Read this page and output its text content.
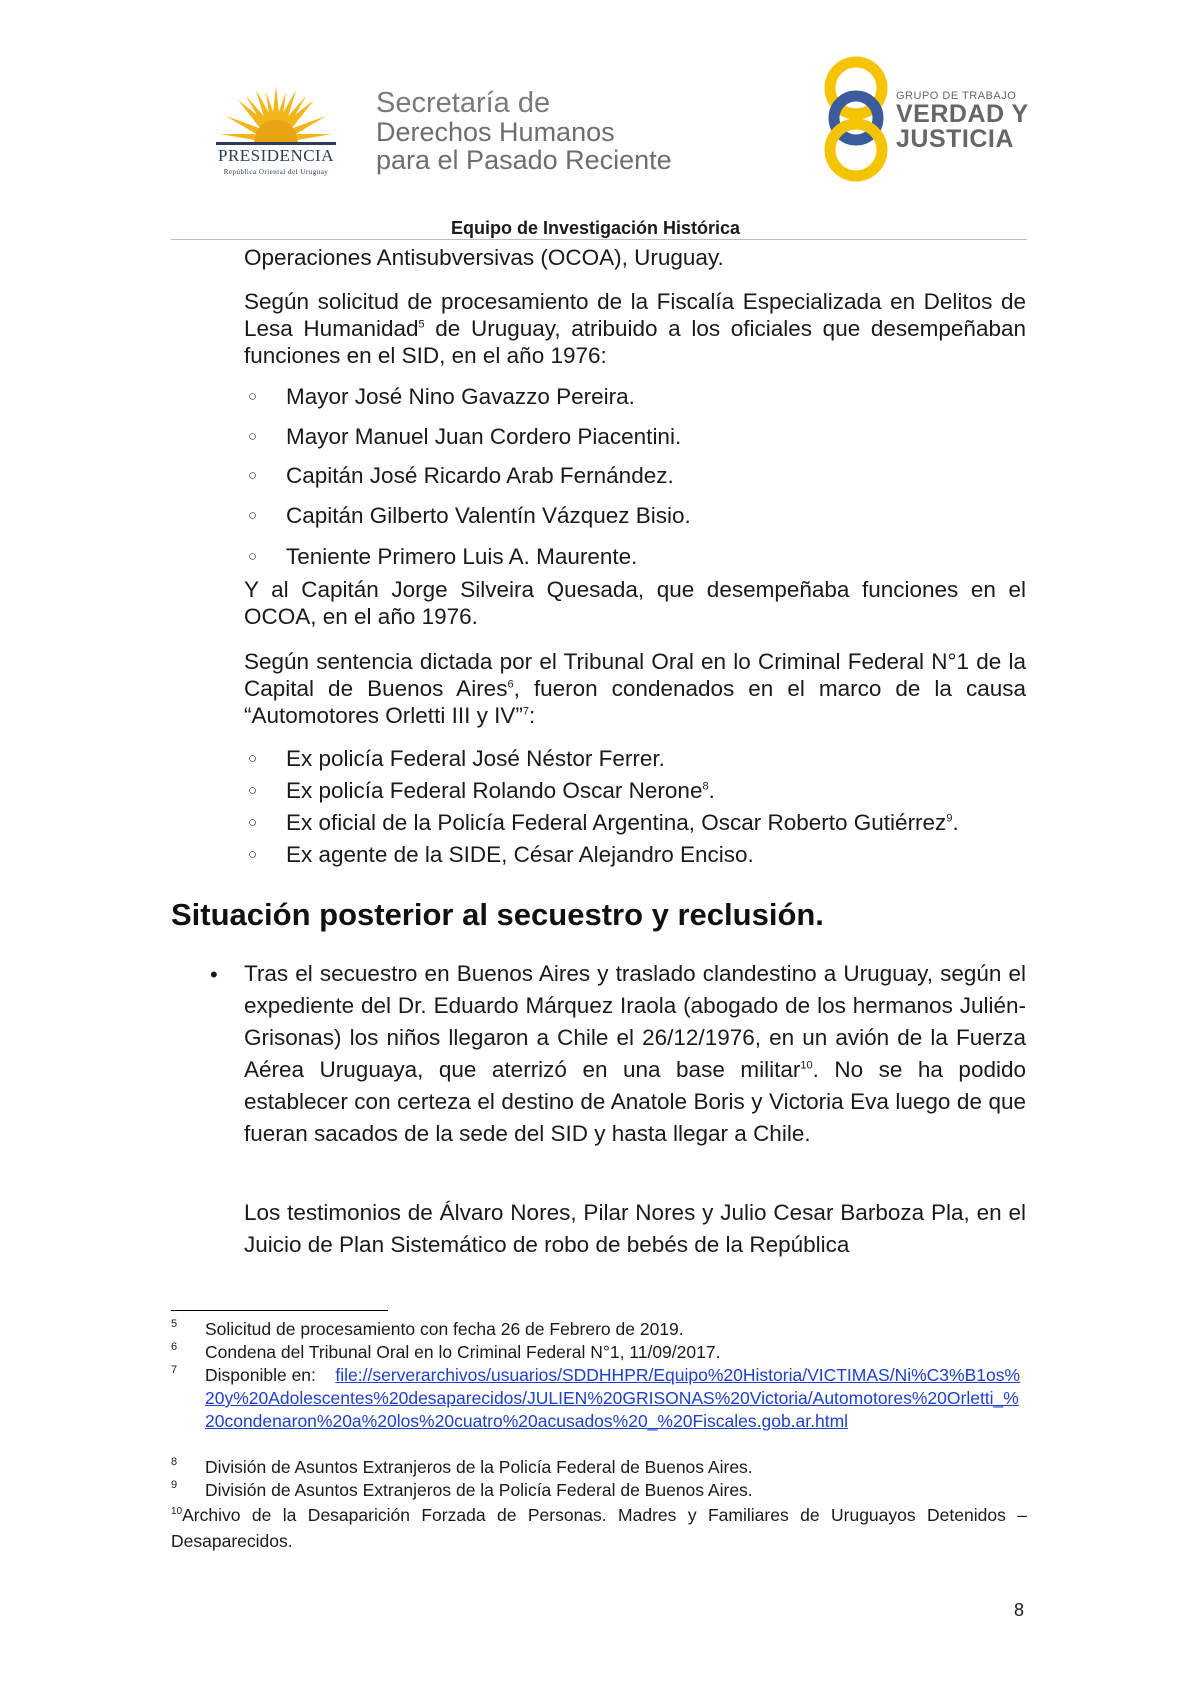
PRESIDENCIA
República Oriental del Uruguay
Secretaría de
Derechos Humanos
para el Pasado Reciente
GRUPO DE TRABAJO
VERDAD Y
JUSTICIA
Equipo de Investigación Histórica
Operaciones Antisubversivas (OCOA), Uruguay.
Según solicitud de procesamiento de la Fiscalía Especializada en Delitos de Lesa Humanidad$^5$ de Uruguay, atribuido a los oficiales que desempeñaban funciones en el SID, en el año 1976:
○ Mayor José Nino Gavazzo Pereira.
○ Mayor Manuel Juan Cordero Piacentini.
○ Capitán José Ricardo Arab Fernández.
○ Capitán Gilberto Valentín Vázquez Bisio.
○ Teniente Primero Luis A. Maurente.
Y al Capitán Jorge Silveira Quesada, que desempeñaba funciones en el OCOA, en el año 1976.
Según sentencia dictada por el Tribunal Oral en lo Criminal Federal N°1 de la Capital de Buenos Aires$^6$, fueron condenados en el marco de la causa “Automotores Orletti III y IV”$^7$:
○ Ex policía Federal José Néstor Ferrer.
○ Ex policía Federal Rolando Oscar Nerone$^8$.
○ Ex oficial de la Policía Federal Argentina, Oscar Roberto Gutiérrez$^9$.
○ Ex agente de la SIDE, César Alejandro Enciso.
Situación posterior al secuestro y reclusión.
• Tras el secuestro en Buenos Aires y traslado clandestino a Uruguay, según el expediente del Dr. Eduardo Márquez Iraola (abogado de los hermanos Julién-Grisonas) los niños llegaron a Chile el 26/12/1976, en un avión de la Fuerza Aérea Uruguaya, que aterrizó en una base militar$^{10}$. No se ha podido establecer con certeza el destino de Anatole Boris y Victoria Eva luego de que fueran sacados de la sede del SID y hasta llegar a Chile.
Los testimonios de Álvaro Nores, Pilar Nores y Julio Cesar Barboza Pla, en el Juicio de Plan Sistemático de robo de bebés de la República
5 Solicitud de procesamiento con fecha 26 de Febrero de 2019.
6 Condena del Tribunal Oral en lo Criminal Federal N°1, 11/09/2017.
7 Disponible en: file://serverarchivos/usuarios/SDDHHPR/Equipo%20Historia/VICTIMAS/Ni%C3%B1os%20y%20Adolescentes%20desaparecidos/JULIEN%20GRISONAS%20Victoria/Automotores%20Orletti_%20condenaron%20a%20los%20cuatro%20acusados%20_%20Fiscales.gob.ar.html
8 División de Asuntos Extranjeros de la Policía Federal de Buenos Aires.
9 División de Asuntos Extranjeros de la Policía Federal de Buenos Aires.
$^{10}$Archivo de la Desaparición Forzada de Personas. Madres y Familiares de Uruguayos Detenidos – Desaparecidos.
8
